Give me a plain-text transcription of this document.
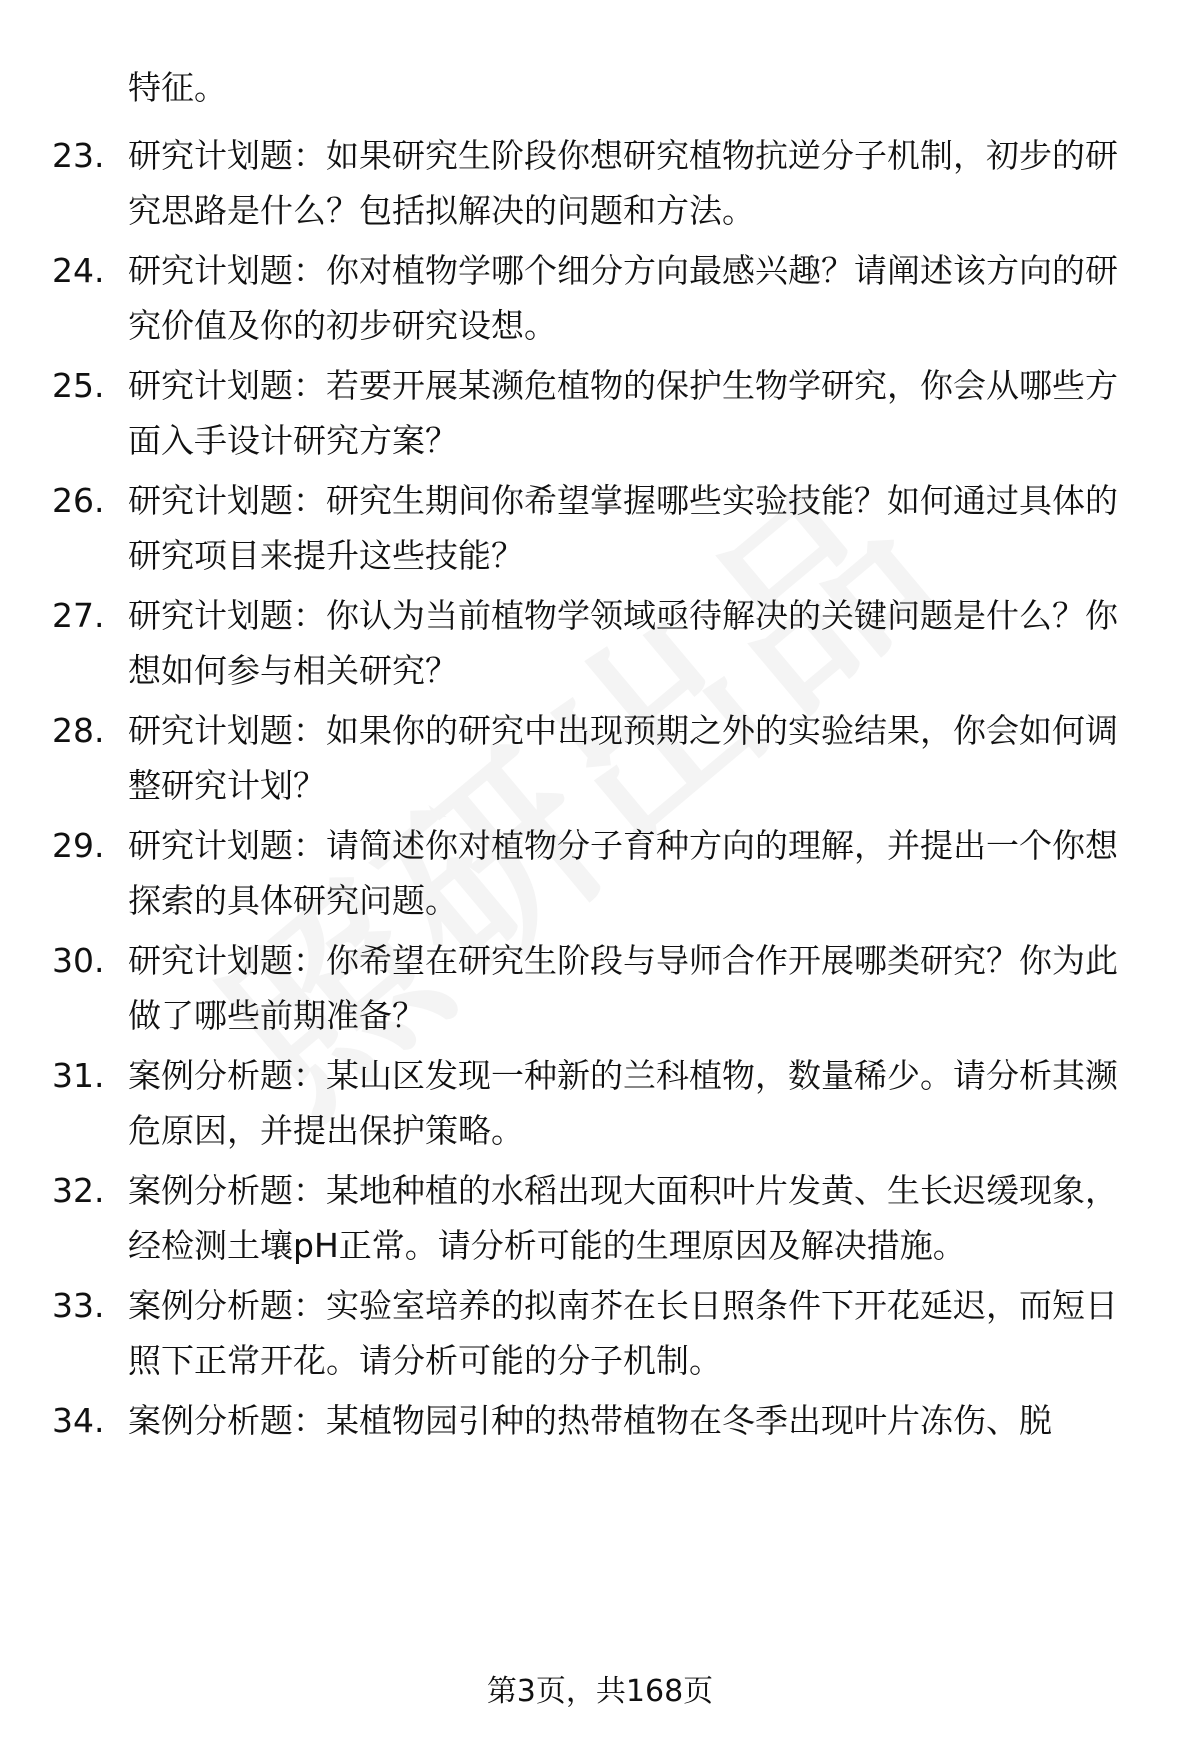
特征。
23. 研究计划题：如果研究生阶段你想研究植物抗逆分子机制，初步的研究思路是什么？包括拟解决的问题和方法。
24. 研究计划题：你对植物学哪个细分方向最感兴趣？请阐述该方向的研究价值及你的初步研究设想。
25. 研究计划题：若要开展某濒危植物的保护生物学研究，你会从哪些方面入手设计研究方案？
26. 研究计划题：研究生期间你希望掌握哪些实验技能？如何通过具体的研究项目来提升这些技能？
27. 研究计划题：你认为当前植物学领域亟待解决的关键问题是什么？你想如何参与相关研究？
28. 研究计划题：如果你的研究中出现预期之外的实验结果，你会如何调整研究计划？
29. 研究计划题：请简述你对植物分子育种方向的理解，并提出一个你想探索的具体研究问题。
30. 研究计划题：你希望在研究生阶段与导师合作开展哪类研究？你为此做了哪些前期准备？
31. 案例分析题：某山区发现一种新的兰科植物，数量稀少。请分析其濒危原因，并提出保护策略。
32. 案例分析题：某地种植的水稻出现大面积叶片发黄、生长迟缓现象，经检测土壤pH正常。请分析可能的生理原因及解决措施。
33. 案例分析题：实验室培养的拟南芥在长日照条件下开花延迟，而短日照下正常开花。请分析可能的分子机制。
34. 案例分析题：某植物园引种的热带植物在冬季出现叶片冻伤、脱
第3页，共168页
